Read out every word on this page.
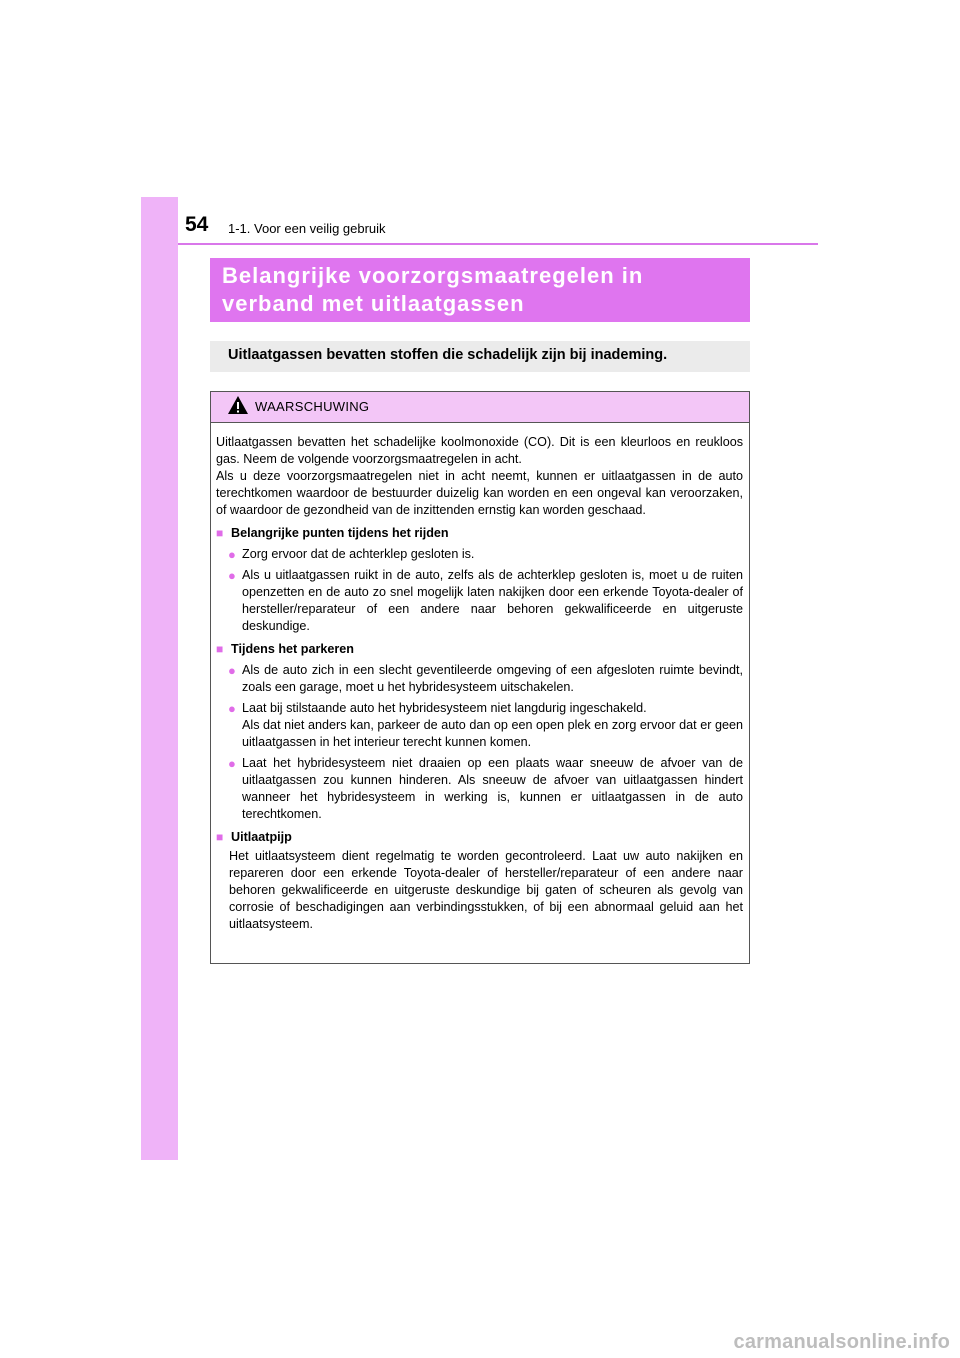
54 1-1. Voor een veilig gebruik
Belangrijke voorzorgsmaatregelen in
verband met uitlaatgassen
Uitlaatgassen bevatten stoffen die schadelijk zijn bij inademing.
WAARSCHUWING

Uitlaatgassen bevatten het schadelijke koolmonoxide (CO). Dit is een kleurloos en reukloos gas. Neem de volgende voorzorgsmaatregelen in acht.

Als u deze voorzorgsmaatregelen niet in acht neemt, kunnen er uitlaatgassen in de auto terechtkomen waardoor de bestuurder duizelig kan worden en een ongeval kan veroorzaken, of waardoor de gezondheid van de inzittenden ernstig kan worden geschaad.

■ Belangrijke punten tijdens het rijden
● Zorg ervoor dat de achterklep gesloten is.
● Als u uitlaatgassen ruikt in de auto, zelfs als de achterklep gesloten is, moet u de ruiten openzetten en de auto zo snel mogelijk laten nakijken door een erkende Toyota-dealer of hersteller/reparateur of een andere naar behoren gekwalificeerde en uitgeruste deskundige.
■ Tijdens het parkeren
● Als de auto zich in een slecht geventileerde omgeving of een afgesloten ruimte bevindt, zoals een garage, moet u het hybridesysteem uitschakelen.
● Laat bij stilstaande auto het hybridesysteem niet langdurig ingeschakeld.
Als dat niet anders kan, parkeer de auto dan op een open plek en zorg ervoor dat er geen uitlaatgassen in het interieur terecht kunnen komen.
● Laat het hybridesysteem niet draaien op een plaats waar sneeuw de afvoer van de uitlaatgassen zou kunnen hinderen. Als sneeuw de afvoer van uitlaatgassen hindert wanneer het hybridesysteem in werking is, kunnen er uitlaatgassen in de auto terechtkomen.
■ Uitlaatpijp
Het uitlaatsysteem dient regelmatig te worden gecontroleerd. Laat uw auto nakijken en repareren door een erkende Toyota-dealer of hersteller/reparateur of een andere naar behoren gekwalificeerde en uitgeruste deskundige bij gaten of scheuren als gevolg van corrosie of beschadigingen aan verbindingsstukken, of bij een abnormaal geluid aan het uitlaatsysteem.
carmanualsonline.info
